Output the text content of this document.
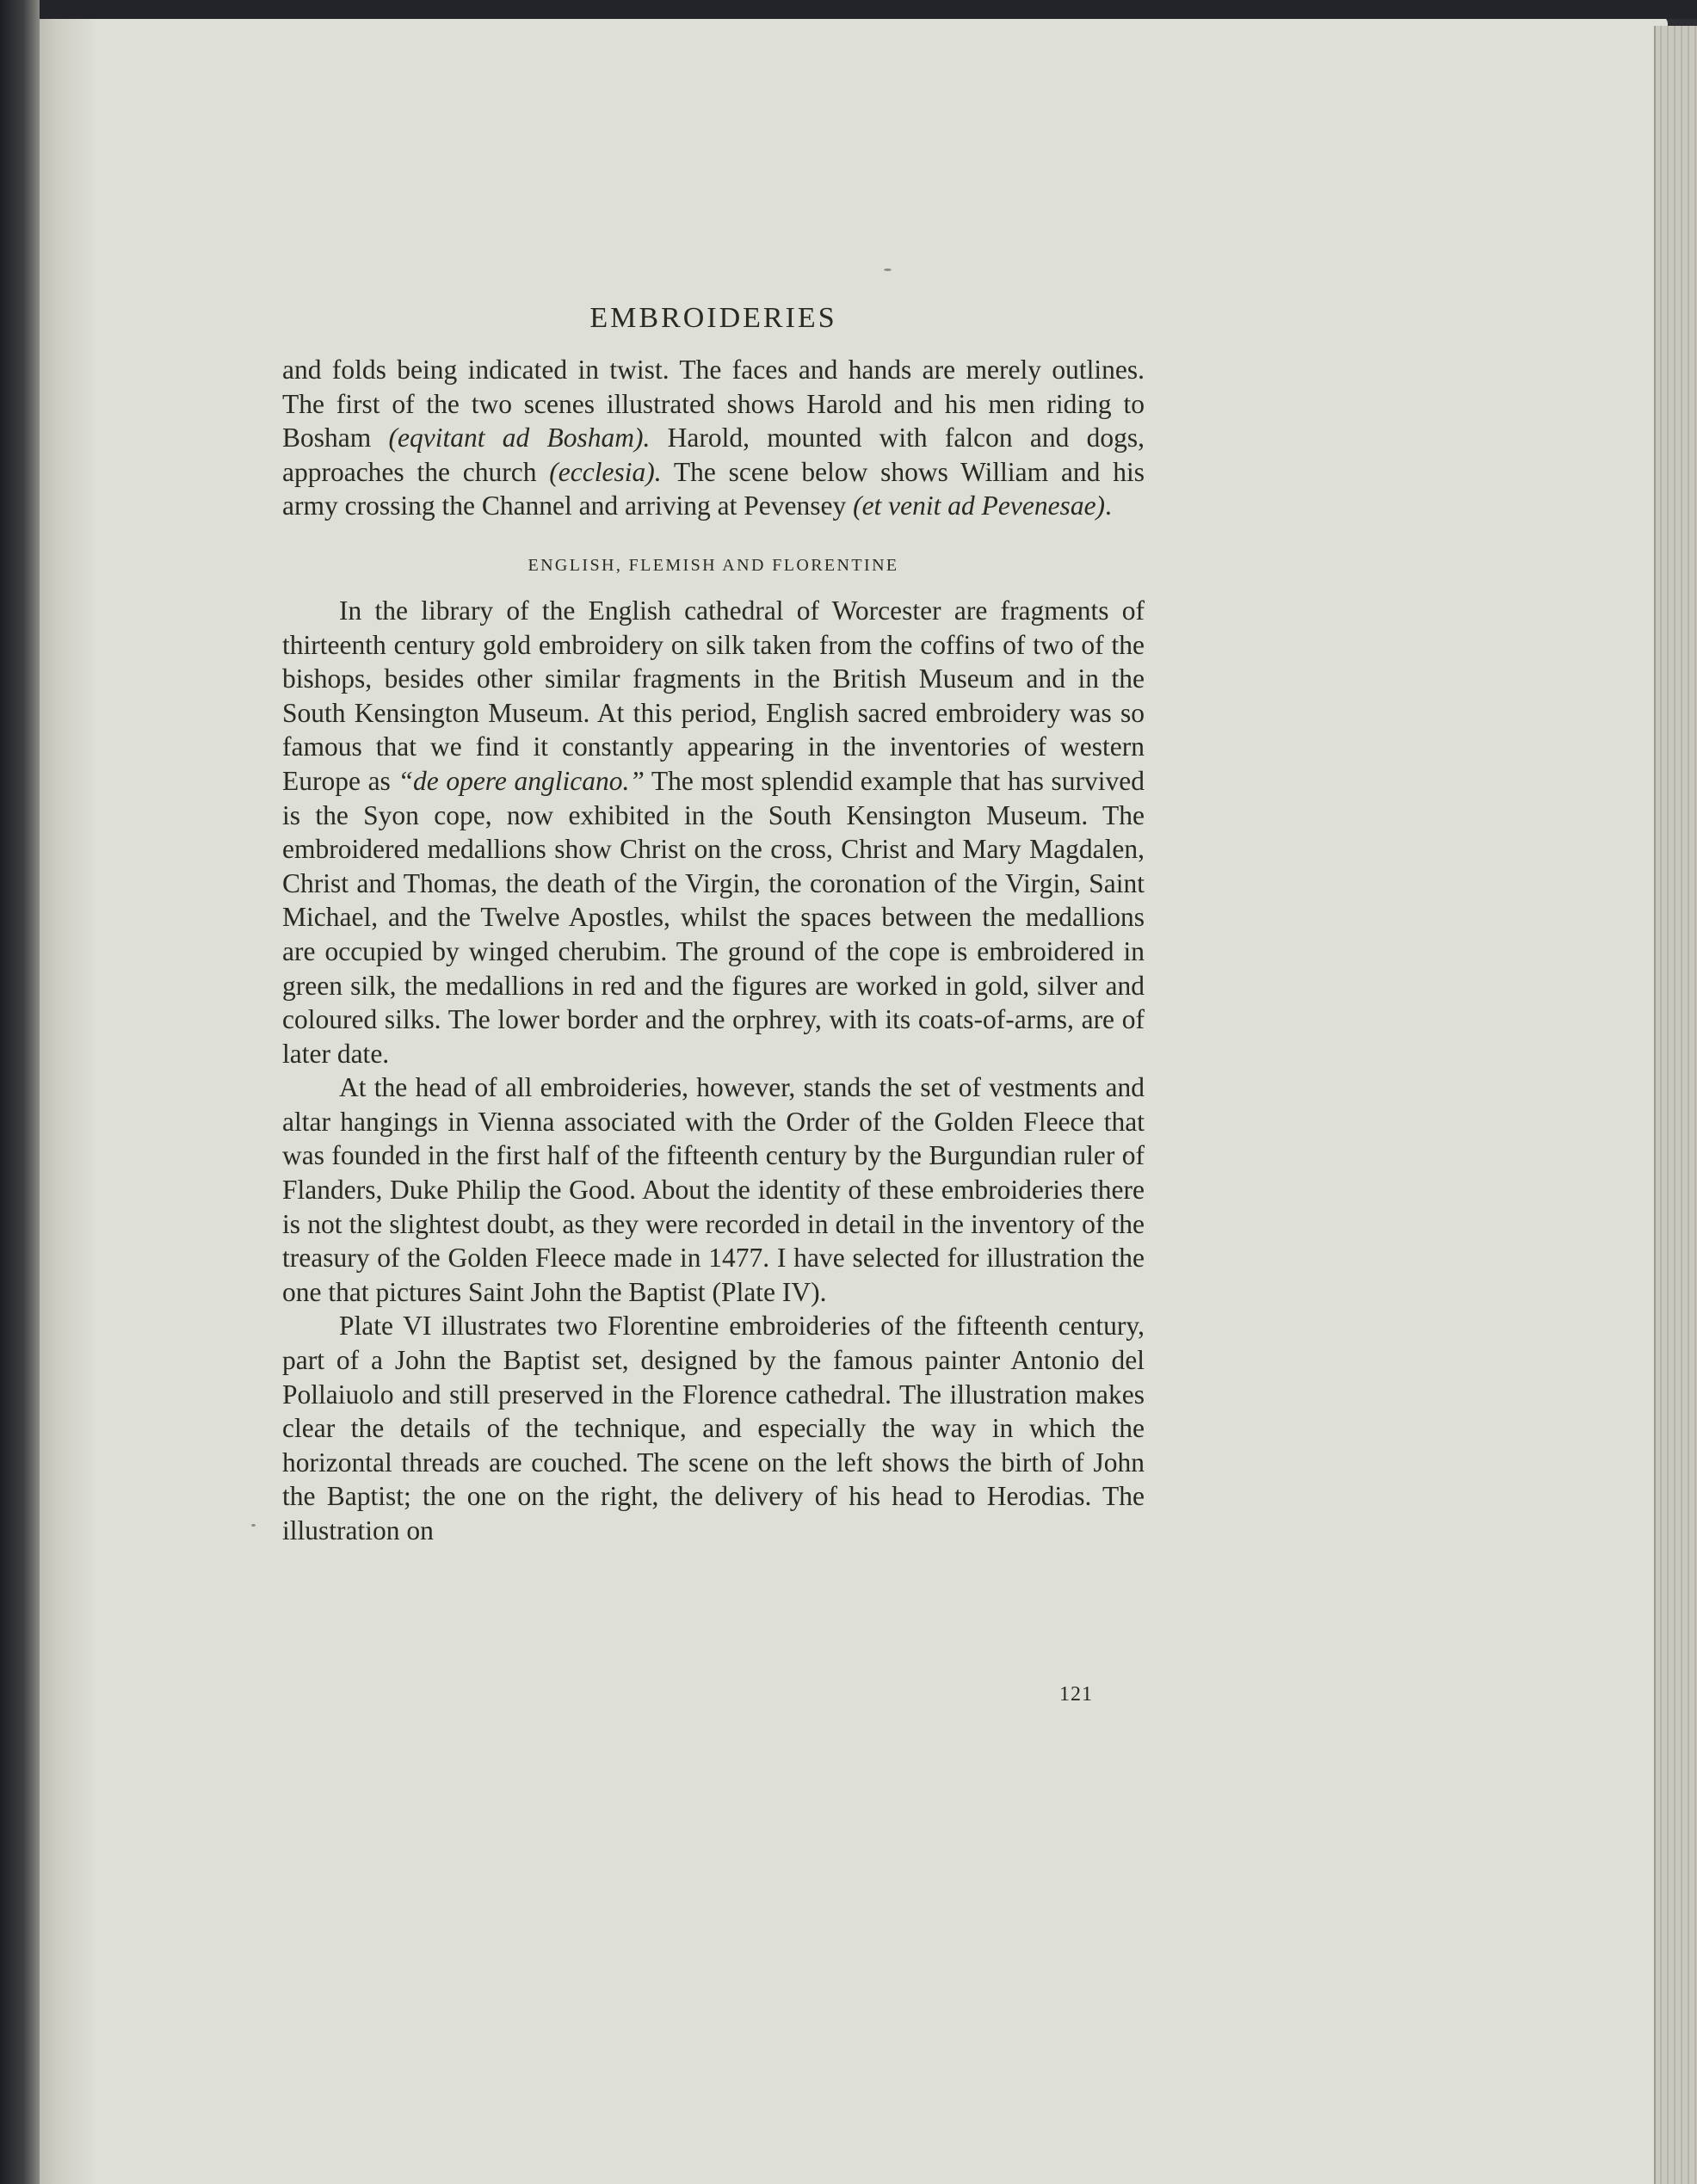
EMBROIDERIES

and folds being indicated in twist. The faces and hands are merely outlines. The first of the two scenes illustrated shows Harold and his men riding to Bosham (eqvitant ad Bosham). Harold, mounted with falcon and dogs, approaches the church (ecclesia). The scene below shows William and his army crossing the Channel and arriving at Pevensey (et venit ad Pevenesae).

ENGLISH, FLEMISH AND FLORENTINE

In the library of the English cathedral of Worcester are fragments of thirteenth century gold embroidery on silk taken from the coffins of two of the bishops, besides other similar fragments in the British Museum and in the South Kensington Museum. At this period, English sacred embroidery was so famous that we find it constantly appearing in the inventories of western Europe as “de opere anglicano.” The most splendid example that has survived is the Syon cope, now exhibited in the South Kensington Museum. The embroidered medallions show Christ on the cross, Christ and Mary Magdalen, Christ and Thomas, the death of the Virgin, the coronation of the Virgin, Saint Michael, and the Twelve Apostles, whilst the spaces between the medallions are occupied by winged cherubim. The ground of the cope is embroidered in green silk, the medallions in red and the figures are worked in gold, silver and coloured silks. The lower border and the orphrey, with its coats-of-arms, are of later date.

At the head of all embroideries, however, stands the set of vestments and altar hangings in Vienna associated with the Order of the Golden Fleece that was founded in the first half of the fifteenth century by the Burgundian ruler of Flanders, Duke Philip the Good. About the identity of these embroideries there is not the slightest doubt, as they were recorded in detail in the inventory of the treasury of the Golden Fleece made in 1477. I have selected for illustration the one that pictures Saint John the Baptist (Plate IV).

Plate VI illustrates two Florentine embroideries of the fifteenth century, part of a John the Baptist set, designed by the famous painter Antonio del Pollaiuolo and still preserved in the Florence cathedral. The illustration makes clear the details of the technique, and especially the way in which the horizontal threads are couched. The scene on the left shows the birth of John the Baptist; the one on the right, the delivery of his head to Herodias. The illustration on

121
